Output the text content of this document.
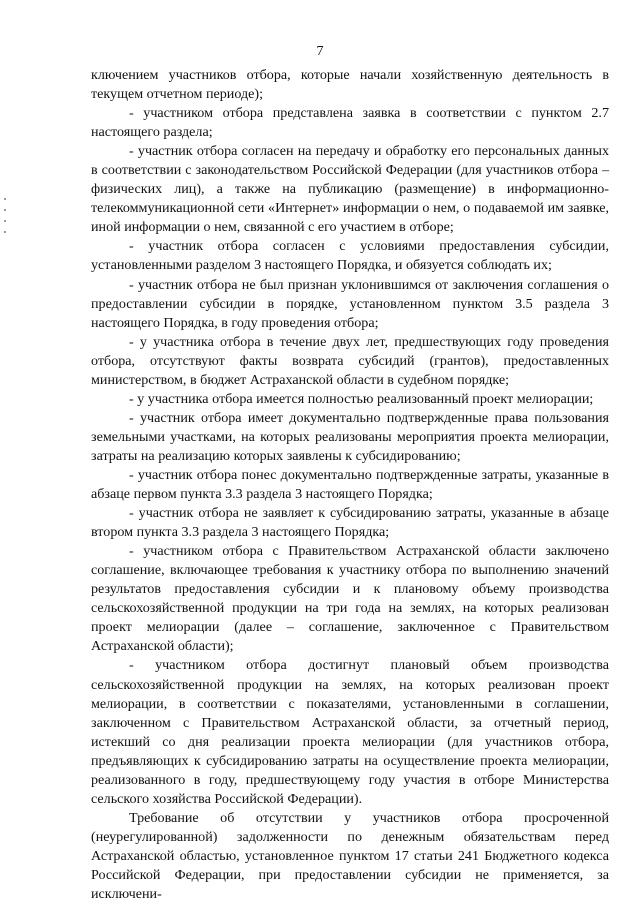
7

ключением участников отбора, которые начали хозяйственную деятельность в текущем отчетном периоде);

- участником отбора представлена заявка в соответствии с пунктом 2.7 настоящего раздела;

- участник отбора согласен на передачу и обработку его персональных данных в соответствии с законодательством Российской Федерации (для участников отбора – физических лиц), а также на публикацию (размещение) в информационно-телекоммуникационной сети «Интернет» информации о нем, о подаваемой им заявке, иной информации о нем, связанной с его участием в отборе;

- участник отбора согласен с условиями предоставления субсидии, установленными разделом 3 настоящего Порядка, и обязуется соблюдать их;

- участник отбора не был признан уклонившимся от заключения соглашения о предоставлении субсидии в порядке, установленном пунктом 3.5 раздела 3 настоящего Порядка, в году проведения отбора;

- у участника отбора в течение двух лет, предшествующих году проведения отбора, отсутствуют факты возврата субсидий (грантов), предоставленных министерством, в бюджет Астраханской области в судебном порядке;

- у участника отбора имеется полностью реализованный проект мелиорации;

- участник отбора имеет документально подтвержденные права пользования земельными участками, на которых реализованы мероприятия проекта мелиорации, затраты на реализацию которых заявлены к субсидированию;

- участник отбора понес документально подтвержденные затраты, указанные в абзаце первом пункта 3.3 раздела 3 настоящего Порядка;

- участник отбора не заявляет к субсидированию затраты, указанные в абзаце втором пункта 3.3 раздела 3 настоящего Порядка;

- участником отбора с Правительством Астраханской области заключено соглашение, включающее требования к участнику отбора по выполнению значений результатов предоставления субсидии и к плановому объему производства сельскохозяйственной продукции на три года на землях, на которых реализован проект мелиорации (далее – соглашение, заключенное с Правительством Астраханской области);

- участником отбора достигнут плановый объем производства сельскохозяйственной продукции на землях, на которых реализован проект мелиорации, в соответствии с показателями, установленными в соглашении, заключенном с Правительством Астраханской области, за отчетный период, истекший со дня реализации проекта мелиорации (для участников отбора, предъявляющих к субсидированию затраты на осуществление проекта мелиорации, реализованного в году, предшествующему году участия в отборе Министерства сельского хозяйства Российской Федерации).

Требование об отсутствии у участников отбора просроченной (неурегулированной) задолженности по денежным обязательствам перед Астраханской областью, установленное пунктом 17 статьи 241 Бюджетного кодекса Российской Федерации, при предоставлении субсидии не применяется, за исключени-
